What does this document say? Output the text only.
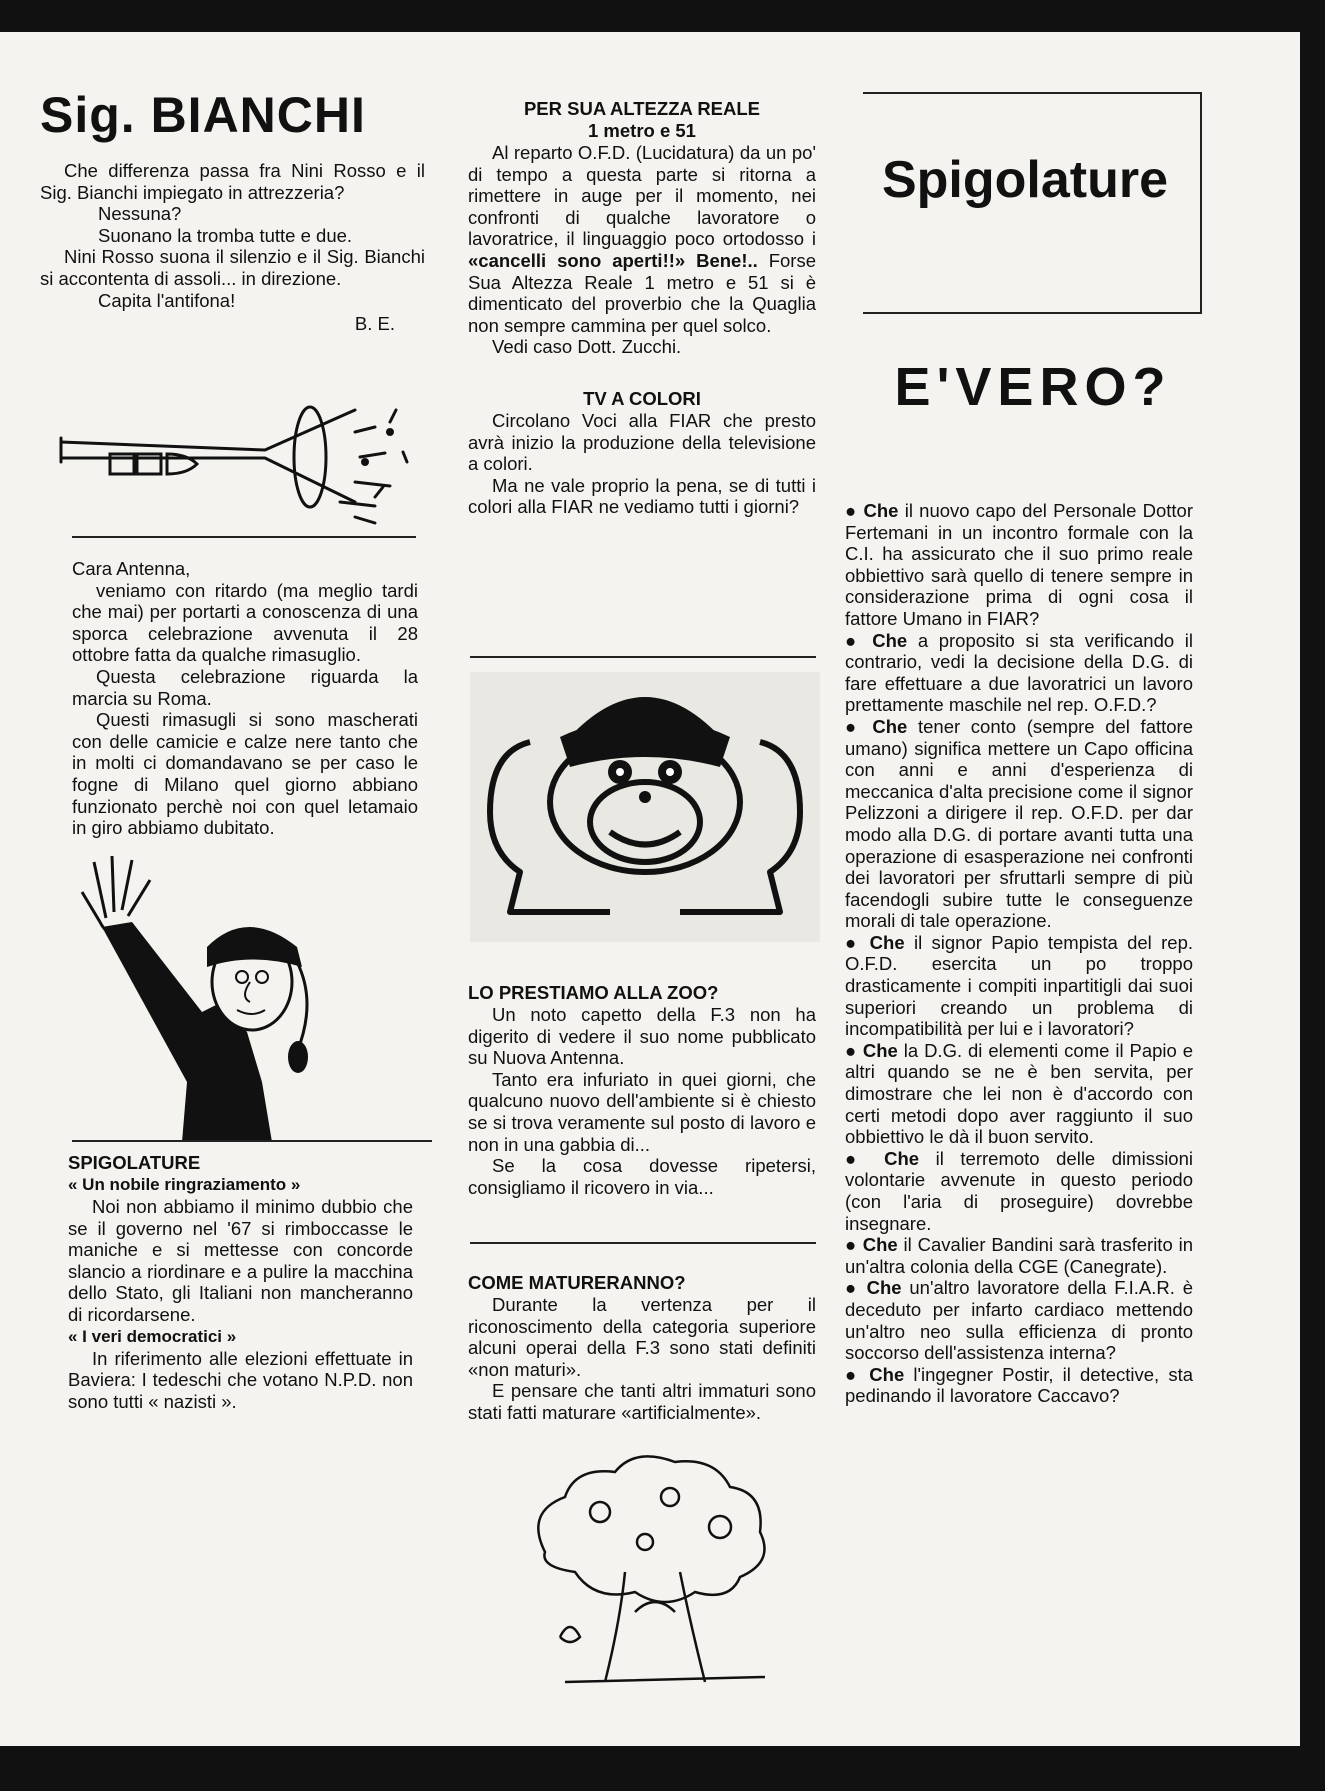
Sig. BIANCHI

Che differenza passa fra Nini Rosso e il Sig. Bianchi impiegato in attrezzeria?

Nessuna?

Suonano la tromba tutte e due.

Nini Rosso suona il silenzio e il Sig. Bianchi si accontenta di assoli... in direzione.

Capita l'antifona!

B. E.

Cara Antenna,

veniamo con ritardo (ma meglio tardi che mai) per portarti a conoscenza di una sporca celebrazione avvenuta il 28 ottobre fatta da qualche rimasuglio.

Questa celebrazione riguarda la marcia su Roma.

Questi rimasugli si sono mascherati con delle camicie e calze nere tanto che in molti ci domandavano se per caso le fogne di Milano quel giorno abbiano funzionato perchè noi con quel letamaio in giro abbiamo dubitato.

SPIGOLATURE

« Un nobile ringraziamento »

Noi non abbiamo il minimo dubbio che se il governo nel '67 si rimboccasse le maniche e si mettesse con concorde slancio a riordinare e a pulire la macchina dello Stato, gli Italiani non mancheranno di ricordarsene.

« I veri democratici »

In riferimento alle elezioni effettuate in Baviera: I tedeschi che votano N.P.D. non sono tutti « nazisti ».

PER SUA ALTEZZA REALE

1 metro e 51

Al reparto O.F.D. (Lucidatura) da un po' di tempo a questa parte si ritorna a rimettere in auge per il momento, nei confronti di qualche lavoratore o lavoratrice, il linguaggio poco ortodosso i «cancelli sono aperti!!» Bene!.. Forse Sua Altezza Reale 1 metro e 51 si è dimenticato del proverbio che la Quaglia non sempre cammina per quel solco.

Vedi caso Dott. Zucchi.

TV A COLORI

Circolano Voci alla FIAR che presto avrà inizio la produzione della televisione a colori.

Ma ne vale proprio la pena, se di tutti i colori alla FIAR ne vediamo tutti i giorni?

LO PRESTIAMO ALLA ZOO?

Un noto capetto della F.3 non ha digerito di vedere il suo nome pubblicato su Nuova Antenna.

Tanto era infuriato in quei giorni, che qualcuno nuovo dell'ambiente si è chiesto se si trova veramente sul posto di lavoro e non in una gabbia di...

Se la cosa dovesse ripetersi, consigliamo il ricovero in via...

COME MATURERANNO?

Durante la vertenza per il riconoscimento della categoria superiore alcuni operai della F.3 sono stati definiti «non maturi».

E pensare che tanti altri immaturi sono stati fatti maturare «artificialmente».

Spigolature
E'VERO?

● Che il nuovo capo del Personale Dottor Fertemani in un incontro formale con la C.I. ha assicurato che il suo primo reale obbiettivo sarà quello di tenere sempre in considerazione prima di ogni cosa il fattore Umano in FIAR?

● Che a proposito si sta verificando il contrario, vedi la decisione della D.G. di fare effettuare a due lavoratrici un lavoro prettamente maschile nel rep. O.F.D.?

● Che tener conto (sempre del fattore umano) significa mettere un Capo officina con anni e anni d'esperienza di meccanica d'alta precisione come il signor Pelizzoni a dirigere il rep. O.F.D. per dar modo alla D.G. di portare avanti tutta una operazione di esasperazione nei confronti dei lavoratori per sfruttarli sempre di più facendogli subire tutte le conseguenze morali di tale operazione.

● Che il signor Papio tempista del rep. O.F.D. esercita un po troppo drasticamente i compiti inpartitigli dai suoi superiori creando un problema di incompatibilità per lui e i lavoratori?

● Che la D.G. di elementi come il Papio e altri quando se ne è ben servita, per dimostrare che lei non è d'accordo con certi metodi dopo aver raggiunto il suo obbiettivo le dà il buon servito.

● Che il terremoto delle dimissioni volontarie avvenute in questo periodo (con l'aria di proseguire) dovrebbe insegnare.

● Che il Cavalier Bandini sarà trasferito in un'altra colonia della CGE (Canegrate).

● Che un'altro lavoratore della F.I.A.R. è deceduto per infarto cardiaco mettendo un'altro neo sulla efficienza di pronto soccorso dell'assistenza interna?

● Che l'ingegner Postir, il detective, sta pedinando il lavoratore Caccavo?
